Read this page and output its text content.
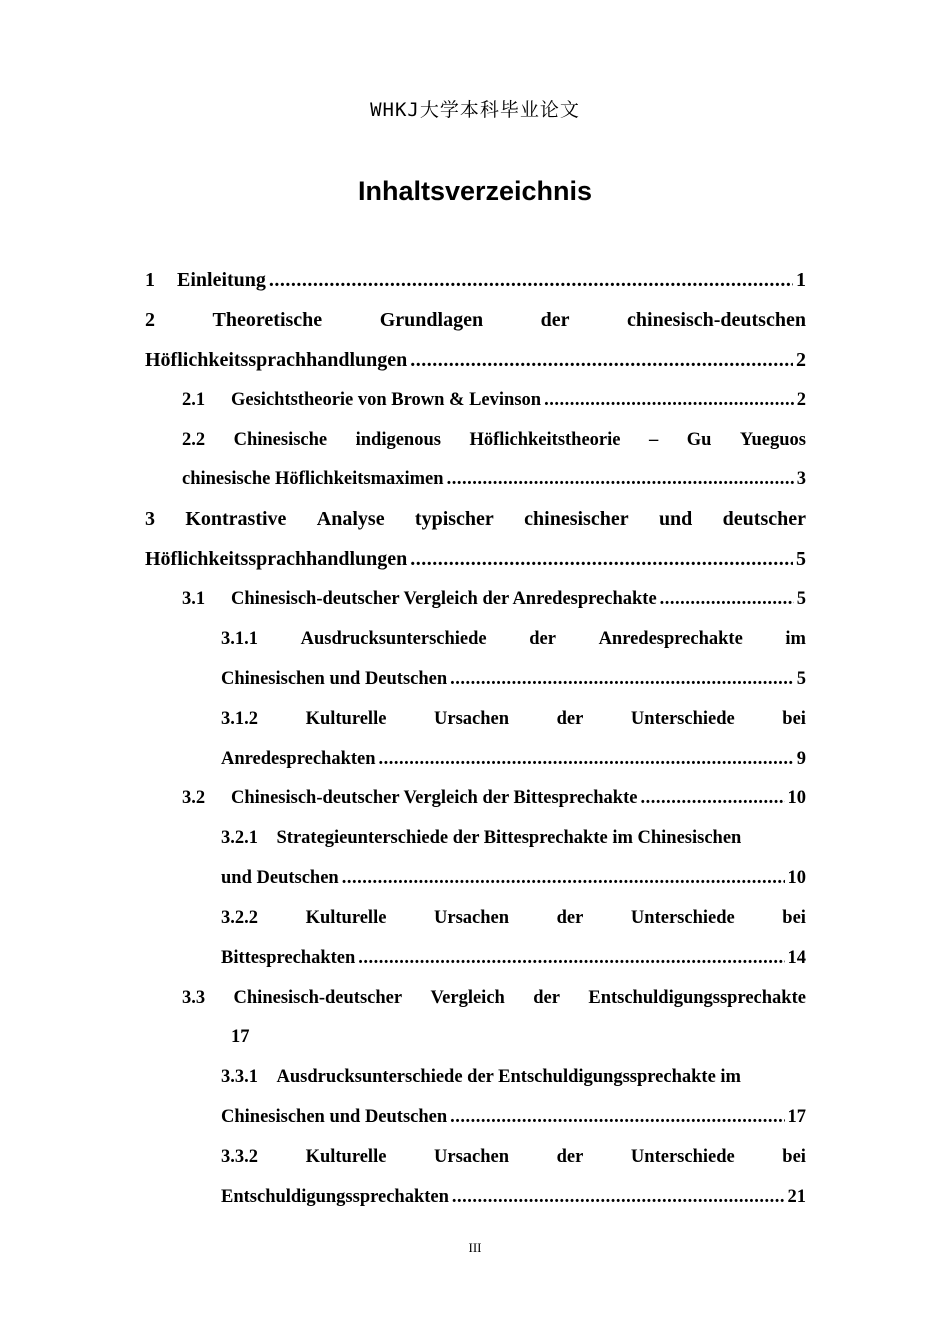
WHKJ大学本科毕业论文
Inhaltsverzeichnis
1 Einleitung .....	1
2	Theoretische	Grundlagen	der	chinesisch-deutschen
Höflichkeitssprachhandlungen .....	2
2.1	Gesichtstheorie von Brown & Levinson .....	2
2.2 Chinesische indigenous Höflichkeitstheorie – Gu Yueguos
chinesische Höflichkeitsmaximen .....	3
3 Kontrastive Analyse typischer chinesischer und deutscher
Höflichkeitssprachhandlungen .....	5
3.1	Chinesisch-deutscher Vergleich der Anredesprechakte .....	5
3.1.1 Ausdrucksunterschiede der Anredesprechakte im
Chinesischen und Deutschen .....	5
3.1.2	Kulturelle	Ursachen	der	Unterschiede	bei
Anredesprechakten .....	9
3.2	Chinesisch-deutscher Vergleich der Bittesprechakte .....	10
3.2.1    Strategieunterschiede der Bittesprechakte im Chinesischen
und Deutschen .....	10
3.2.2	Kulturelle	Ursachen	der	Unterschiede	bei
Bittesprechakten .....	14
3.3 Chinesisch-deutscher Vergleich der Entschuldigungssprechakte
17
3.3.1    Ausdrucksunterschiede der Entschuldigungssprechakte im
Chinesischen und Deutschen .....	17
3.3.2	Kulturelle	Ursachen	der	Unterschiede	bei
Entschuldigungssprechakten .....	21
III
